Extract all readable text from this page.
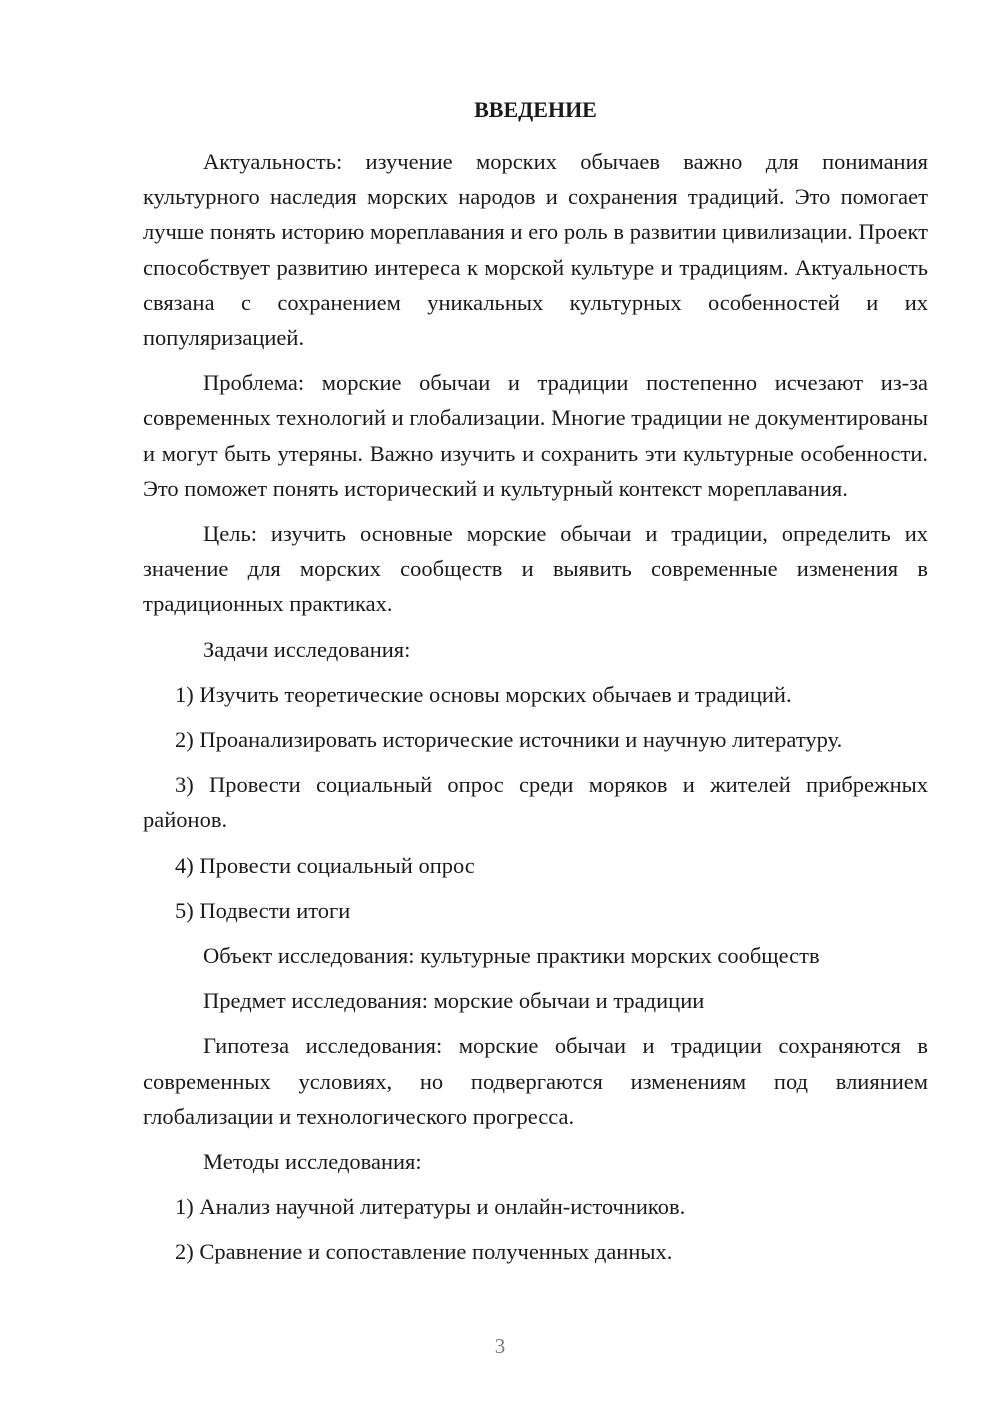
ВВЕДЕНИЕ

Актуальность: изучение морских обычаев важно для понимания культурного наследия морских народов и сохранения традиций. Это помогает лучше понять историю мореплавания и его роль в развитии цивилизации. Проект способствует развитию интереса к морской культуре и традициям. Актуальность связана с сохранением уникальных культурных особенностей и их популяризацией.

Проблема: морские обычаи и традиции постепенно исчезают из-за современных технологий и глобализации. Многие традиции не документированы и могут быть утеряны. Важно изучить и сохранить эти культурные особенности. Это поможет понять исторический и культурный контекст мореплавания.

Цель: изучить основные морские обычаи и традиции, определить их значение для морских сообществ и выявить современные изменения в традиционных практиках.

Задачи исследования:

1) Изучить теоретические основы морских обычаев и традиций.

2) Проанализировать исторические источники и научную литературу.

3) Провести социальный опрос среди моряков и жителей прибрежных районов.

4) Провести социальный опрос

5) Подвести итоги

Объект исследования: культурные практики морских сообществ

Предмет исследования: морские обычаи и традиции

Гипотеза исследования: морские обычаи и традиции сохраняются в современных условиях, но подвергаются изменениям под влиянием глобализации и технологического прогресса.

Методы исследования:

1) Анализ научной литературы и онлайн-источников.

2) Сравнение и сопоставление полученных данных.

3
